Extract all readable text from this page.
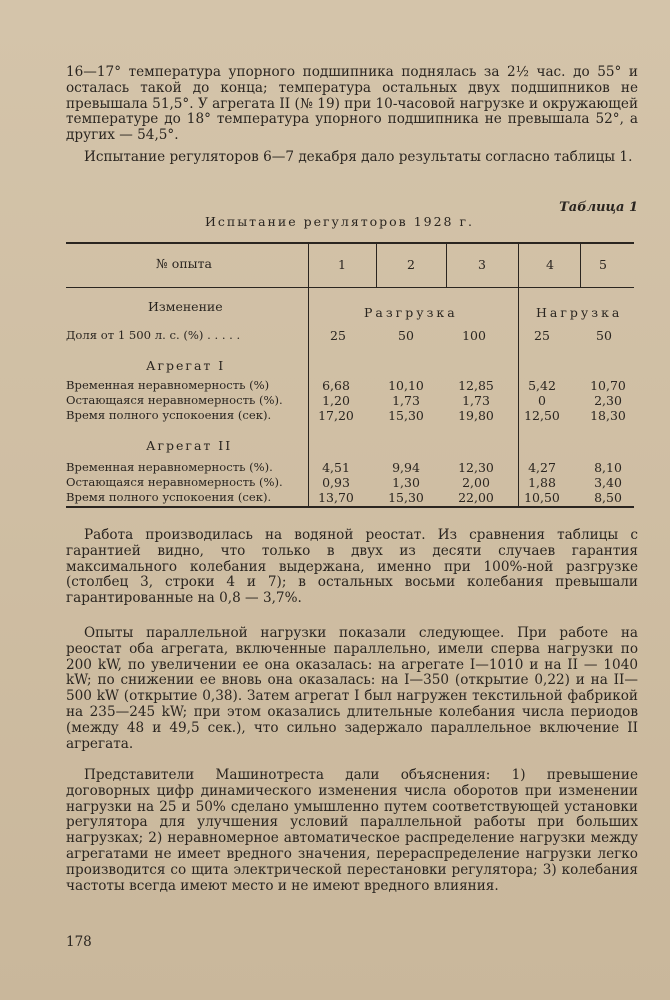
16—17° температура упорного подшипника поднялась за 2½ час. до 55° и осталась такой до конца; температура остальных двух подшипников не превышала 51,5°. У агрегата II (№ 19) при 10-часовой нагрузке и окружающей температуре до 18° температура упорного подшипника не превышала 52°, а других — 54,5°.

Испытание регуляторов 6—7 декабря дало результаты согласно таблицы 1.

Таблица 1
Испытание регуляторов 1928 г.
№ опыта	1	2	3	4	5
Изменение	Разгрузка	Нагрузка
Доля от 1 500 л. с. (%) . . . . .	25	50	100	25	50
Агрегат I
Временная неравномерность (%)	6,68	10,10	12,85	5,42	10,70
Остающаяся неравномерность (%).	1,20	1,73	1,73	0	2,30
Время полного успокоения (сек).	17,20	15,30	19,80	12,50	18,30
Агрегат II
Временная неравномерность (%).	4,51	9,94	12,30	4,27	8,10
Остающаяся неравномерность (%).	0,93	1,30	2,00	1,88	3,40
Время полного успокоения (сек).	13,70	15,30	22,00	10,50	8,50

Работа производилась на водяной реостат. Из сравнения таблицы с гарантией видно, что только в двух из десяти случаев гарантия максимального колебания выдержана, именно при 100%-ной разгрузке (столбец 3, строки 4 и 7); в остальных восьми колебания превышали гарантированные на 0,8 — 3,7%.

Опыты параллельной нагрузки показали следующее. При работе на реостат оба агрегата, включенные параллельно, имели сперва нагрузки по 200 kW, по увеличении ее она оказалась: на агрегате I—1010 и на II — 1040 kW; по снижении ее вновь она оказалась: на I—350 (открытие 0,22) и на II—500 kW (открытие 0,38). Затем агрегат I был нагружен текстильной фабрикой на 235—245 kW; при этом оказались длительные колебания числа периодов (между 48 и 49,5 сек.), что сильно задержало параллельное включение II агрегата.

Представители Машинотреста дали объяснения: 1) превышение договорных цифр динамического изменения числа оборотов при изменении нагрузки на 25 и 50% сделано умышленно путем соответствующей установки регулятора для улучшения условий параллельной работы при больших нагрузках; 2) неравномерное автоматическое распределение нагрузки между агрегатами не имеет вредного значения, перераспределение нагрузки легко производится со щита электрической перестановки регулятора; 3) колебания частоты всегда имеют место и не имеют вредного влияния.

178
